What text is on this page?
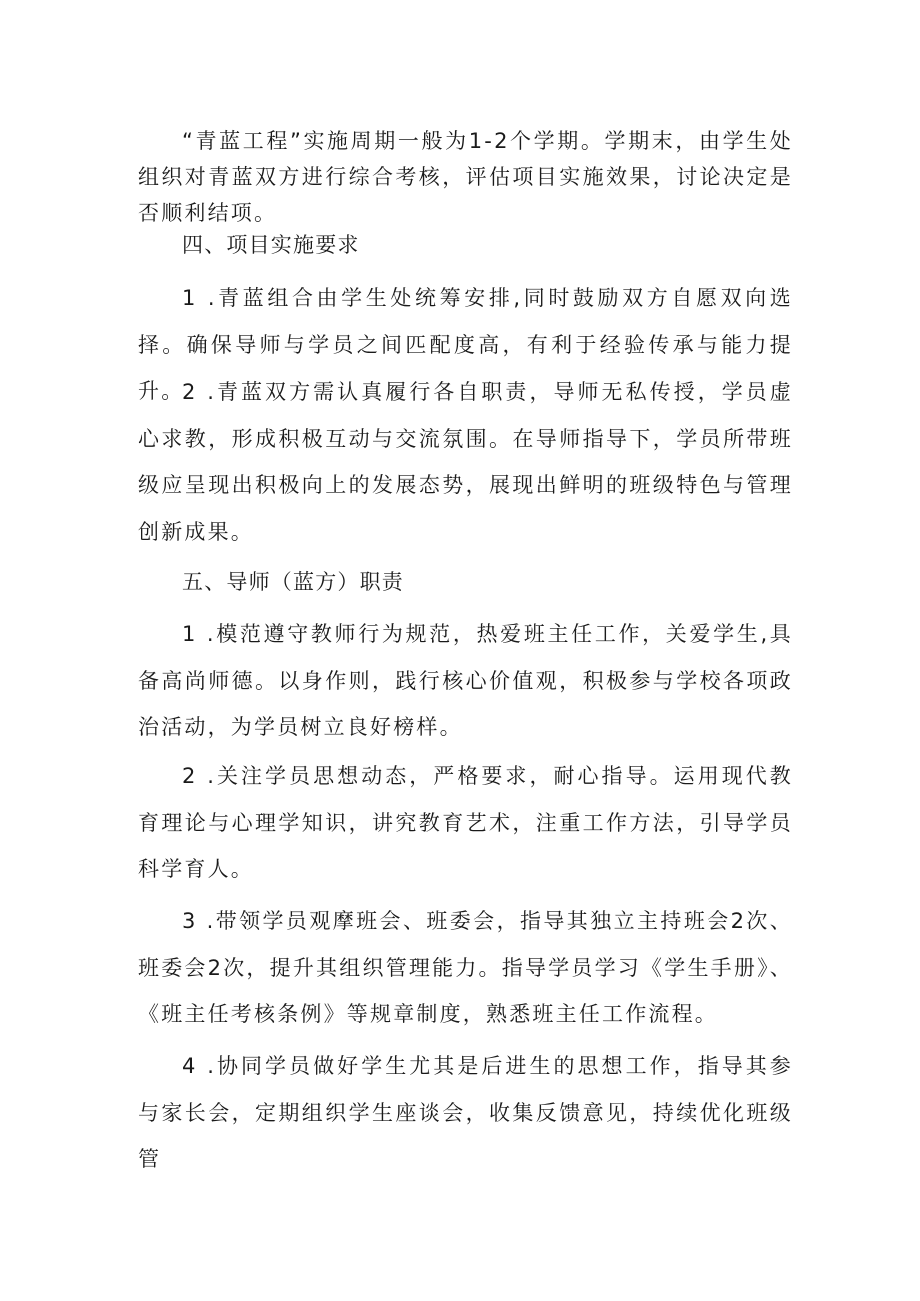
“青蓝工程”实施周期一般为1-2个学期。学期末，由学生处组织对青蓝双方进行综合考核，评估项目实施效果，讨论决定是否顺利结项。

四、项目实施要求

1 .青蓝组合由学生处统筹安排,同时鼓励双方自愿双向选择。确保导师与学员之间匹配度高，有利于经验传承与能力提升。

2 .青蓝双方需认真履行各自职责，导师无私传授，学员虚心求教，形成积极互动与交流氛围。在导师指导下，学员所带班级应呈现出积极向上的发展态势，展现出鲜明的班级特色与管理创新成果。

五、导师（蓝方）职责

1 .模范遵守教师行为规范，热爱班主任工作，关爱学生,具备高尚师德。以身作则，践行核心价值观，积极参与学校各项政治活动，为学员树立良好榜样。

2 .关注学员思想动态，严格要求，耐心指导。运用现代教育理论与心理学知识，讲究教育艺术，注重工作方法，引导学员科学育人。

3 .带领学员观摩班会、班委会，指导其独立主持班会2次、班委会2次，提升其组织管理能力。指导学员学习《学生手册》、《班主任考核条例》等规章制度，熟悉班主任工作流程。

4 .协同学员做好学生尤其是后进生的思想工作，指导其参与家长会，定期组织学生座谈会，收集反馈意见，持续优化班级管
